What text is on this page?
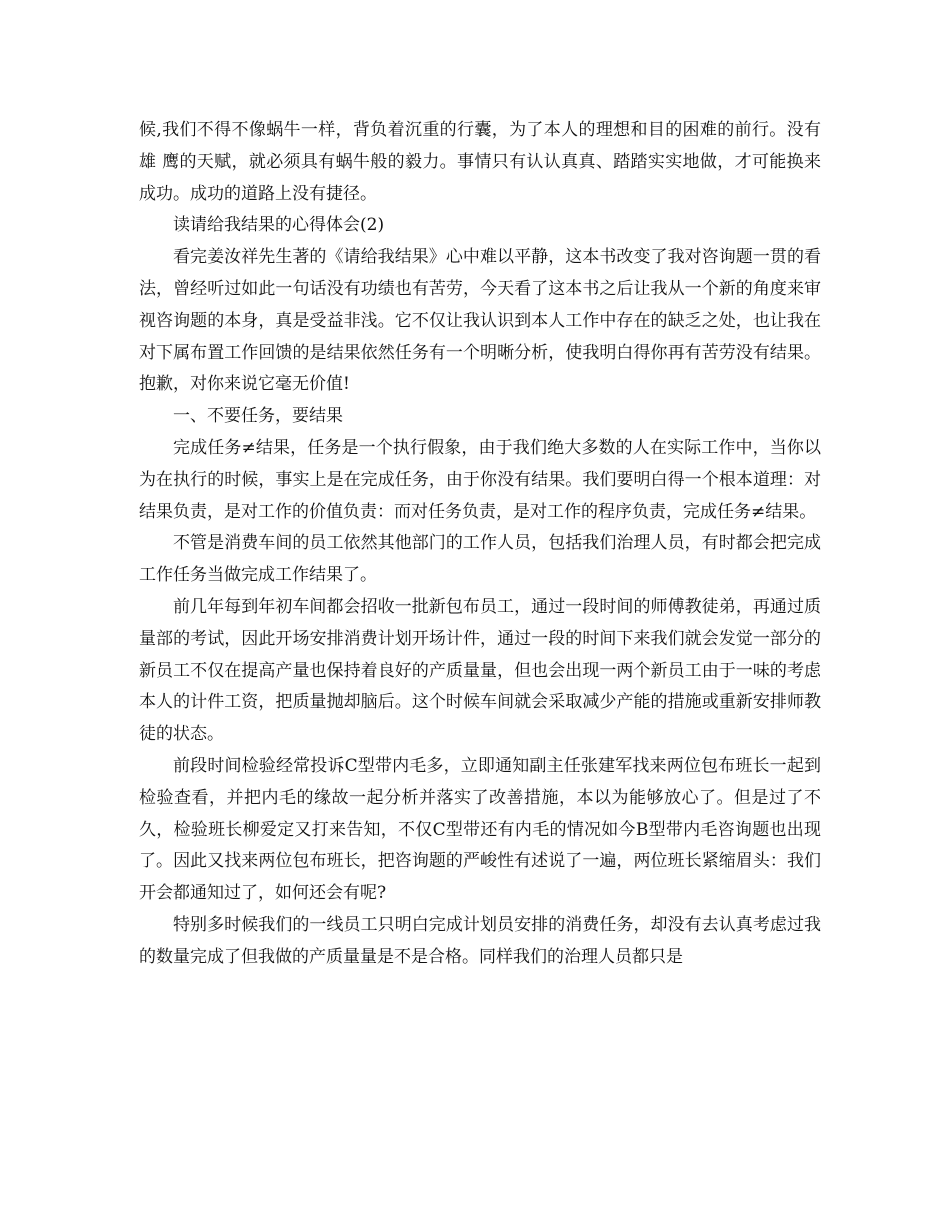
候,我们不得不像蜗牛一样，背负着沉重的行囊，为了本人的理想和目的困难的前行。没有雄 鹰的天赋，就必须具有蜗牛般的毅力。事情只有认认真真、踏踏实实地做，才可能换来成功。成功的道路上没有捷径。

读请给我结果的心得体会(2)

看完姜汝祥先生著的《请给我结果》心中难以平静，这本书改变了我对咨询题一贯的看法，曾经听过如此一句话没有功绩也有苦劳，今天看了这本书之后让我从一个新的角度来审视咨询题的本身，真是受益非浅。它不仅让我认识到本人工作中存在的缺乏之处，也让我在对下属布置工作回馈的是结果依然任务有一个明晰分析，使我明白得你再有苦劳没有结果。抱歉，对你来说它毫无价值!

一、不要任务，要结果

完成任务≠结果，任务是一个执行假象，由于我们绝大多数的人在实际工作中，当你以为在执行的时候，事实上是在完成任务，由于你没有结果。我们要明白得一个根本道理：对结果负责，是对工作的价值负责：而对任务负责，是对工作的程序负责，完成任务≠结果。

不管是消费车间的员工依然其他部门的工作人员，包括我们治理人员，有时都会把完成工作任务当做完成工作结果了。

前几年每到年初车间都会招收一批新包布员工，通过一段时间的师傅教徒弟，再通过质量部的考试，因此开场安排消费计划开场计件，通过一段的时间下来我们就会发觉一部分的新员工不仅在提高产量也保持着良好的产质量量，但也会出现一两个新员工由于一味的考虑本人的计件工资，把质量抛却脑后。这个时候车间就会采取减少产能的措施或重新安排师教徒的状态。

前段时间检验经常投诉C型带内毛多，立即通知副主任张建军找来两位包布班长一起到检验查看，并把内毛的缘故一起分析并落实了改善措施，本以为能够放心了。但是过了不久，检验班长柳爱定又打来告知，不仅C型带还有内毛的情况如今B型带内毛咨询题也出现了。因此又找来两位包布班长，把咨询题的严峻性有述说了一遍，两位班长紧缩眉头：我们开会都通知过了，如何还会有呢?

特别多时候我们的一线员工只明白完成计划员安排的消费任务，却没有去认真考虑过我的数量完成了但我做的产质量量是不是合格。同样我们的治理人员都只是
